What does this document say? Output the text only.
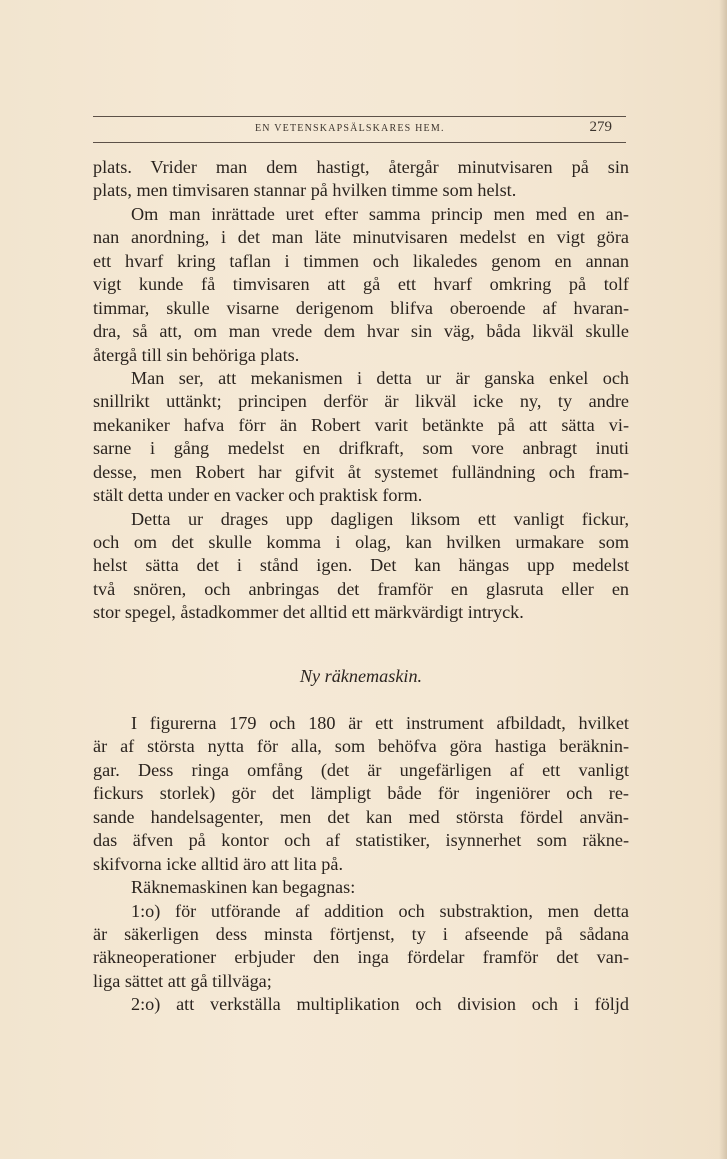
EN VETENSKAPSÄLSKARES HEM.	279
plats. Vrider man dem hastigt, återgår minutvisaren på sin
plats, men timvisaren stannar på hvilken timme som helst.
Om man inrättade uret efter samma princip men med en an-
nan anordning, i det man läte minutvisaren medelst en vigt göra
ett hvarf kring taflan i timmen och likaledes genom en annan
vigt kunde få timvisaren att gå ett hvarf omkring på tolf
timmar, skulle visarne derigenom blifva oberoende af hvaran-
dra, så att, om man vrede dem hvar sin väg, båda likväl skulle
återgå till sin behöriga plats.
Man ser, att mekanismen i detta ur är ganska enkel och
snillrikt uttänkt; principen derför är likväl icke ny, ty andre
mekaniker hafva förr än Robert varit betänkte på att sätta vi-
sarne i gång medelst en drifkraft, som vore anbragt inuti
desse, men Robert har gifvit åt systemet fulländning och fram-
stält detta under en vacker och praktisk form.
Detta ur drages upp dagligen liksom ett vanligt fickur,
och om det skulle komma i olag, kan hvilken urmakare som
helst sätta det i stånd igen. Det kan hängas upp medelst
två snören, och anbringas det framför en glasruta eller en
stor spegel, åstadkommer det alltid ett märkvärdigt intryck.
Ny räknemaskin.
I figurerna 179 och 180 är ett instrument afbildadt, hvilket
är af största nytta för alla, som behöfva göra hastiga beräknin-
gar. Dess ringa omfång (det är ungefärligen af ett vanligt
fickurs storlek) gör det lämpligt både för ingeniörer och re-
sande handelsagenter, men det kan med största fördel använ-
das äfven på kontor och af statistiker, isynnerhet som räkne-
skifvorna icke alltid äro att lita på.
Räknemaskinen kan begagnas:
1:o) för utförande af addition och substraktion, men detta
är säkerligen dess minsta förtjenst, ty i afseende på sådana
räkneoperationer erbjuder den inga fördelar framför det van-
liga sättet att gå tillväga;
2:o) att verkställa multiplikation och division och i följd
